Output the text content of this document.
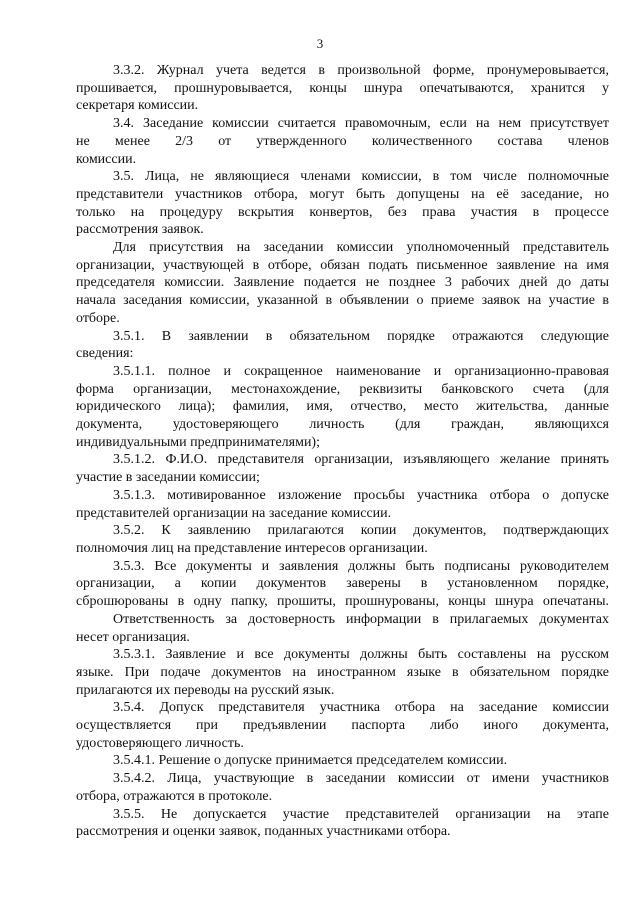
3

3.3.2. Журнал учета ведется в произвольной форме, пронумеровывается,

прошивается, прошнуровывается, концы шнура опечатываются, хранится у

секретаря комиссии.

3.4. Заседание комиссии считается правомочным, если на нем присутствует

не менее 2/3 от утвержденного количественного состава членов

комиссии.

3.5. Лица, не являющиеся членами комиссии, в том числе полномочные

представители участников отбора, могут быть допущены на её заседание, но

только на процедуру вскрытия конвертов, без права участия в процессе

рассмотрения заявок.

Для присутствия на заседании комиссии уполномоченный представитель

организации, участвующей в отборе, обязан подать письменное заявление на имя

председателя комиссии. Заявление подается не позднее 3 рабочих дней до даты

начала заседания комиссии, указанной в объявлении о приеме заявок на участие в

отборе.

3.5.1. В заявлении в обязательном порядке отражаются следующие

сведения:

3.5.1.1. полное и сокращенное наименование и организационно-правовая

форма организации, местонахождение, реквизиты банковского счета (для

юридического лица); фамилия, имя, отчество, место жительства, данные

документа, удостоверяющего личность (для граждан, являющихся

индивидуальными предпринимателями);

3.5.1.2. Ф.И.О. представителя организации, изъявляющего желание принять

участие в заседании комиссии;

3.5.1.3. мотивированное изложение просьбы участника отбора о допуске

представителей организации на заседание комиссии.

3.5.2. К заявлению прилагаются копии документов, подтверждающих

полномочия лиц на представление интересов организации.

3.5.3. Все документы и заявления должны быть подписаны руководителем

организации, а копии документов заверены в установленном порядке,

сброшюрованы в одну папку, прошиты, прошнурованы, концы шнура опечатаны.

Ответственность за достоверность информации в прилагаемых документах

несет организация.

3.5.3.1. Заявление и все документы должны быть составлены на русском

языке. При подаче документов на иностранном языке в обязательном порядке

прилагаются их переводы на русский язык.

3.5.4. Допуск представителя участника отбора на заседание комиссии

осуществляется при предъявлении паспорта либо иного документа,

удостоверяющего личность.

3.5.4.1. Решение о допуске принимается председателем комиссии.

3.5.4.2. Лица, участвующие в заседании комиссии от имени участников

отбора, отражаются в протоколе.

3.5.5. Не допускается участие представителей организации на этапе

рассмотрения и оценки заявок, поданных участниками отбора.
